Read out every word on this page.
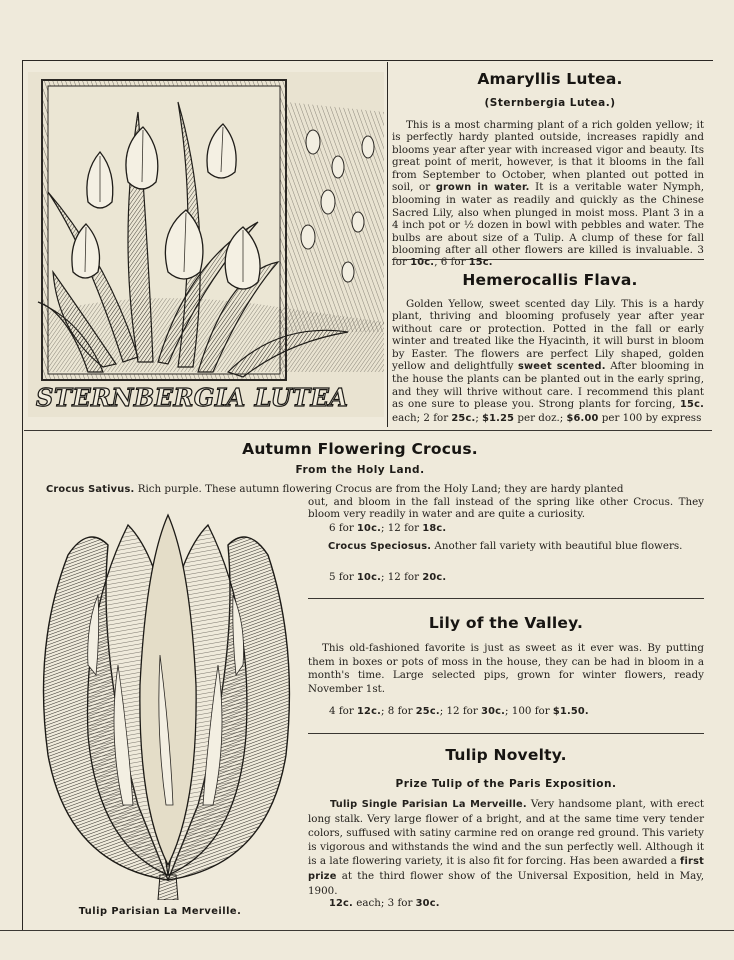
STERNBERGIA LUTEA
Amaryllis Lutea.
(Sternbergia Lutea.)
This is a most charming plant of a rich golden yellow; it is perfectly hardy planted outside, increases rapidly and blooms year after year with increased vigor and beauty. Its great point of merit, however, is that it blooms in the fall from September to October, when planted out potted in soil, or grown in water. It is a veritable water Nymph, blooming in water as readily and quickly as the Chinese Sacred Lily, also when plunged in moist moss. Plant 3 in a 4 inch pot or ½ dozen in bowl with pebbles and water. The bulbs are about size of a Tulip. A clump of these for fall blooming after all other flowers are killed is invaluable. 3 for 10c., 6 for 15c.
Hemerocallis Flava.
Golden Yellow, sweet scented day Lily. This is a hardy plant, thriving and blooming profusely year after year without care or protection. Potted in the fall or early winter and treated like the Hyacinth, it will burst in bloom by Easter. The flowers are perfect Lily shaped, golden yellow and delightfully sweet scented. After blooming in the house the plants can be planted out in the early spring, and they will thrive without care. I recommend this plant as one sure to please you. Strong plants for forcing, 15c. each; 2 for 25c.; $1.25 per doz.; $6.00 per 100 by express
Autumn Flowering Crocus.
From the Holy Land.
Crocus Sativus. Rich purple. These autumn flowering Crocus are from the Holy Land; they are hardy planted
out, and bloom in the fall instead of the spring like other Crocus. They bloom very readily in water and are quite a curiosity.
6 for 10c.; 12 for 18c.
Crocus Speciosus. Another fall variety with beautiful blue flowers.
5 for 10c.; 12 for 20c.
Tulip Parisian La Merveille.
Lily of the Valley.
This old-fashioned favorite is just as sweet as it ever was. By putting them in boxes or pots of moss in the house, they can be had in bloom in a month's time. Large selected pips, grown for winter flowers, ready November 1st.
4 for 12c.; 8 for 25c.; 12 for 30c.; 100 for $1.50.
Tulip Novelty.
Prize Tulip of the Paris Exposition.
Tulip Single Parisian La Merveille. Very handsome plant, with erect long stalk. Very large flower of a bright, and at the same time very tender colors, suffused with satiny carmine red on orange red ground. This variety is vigorous and withstands the wind and the sun perfectly well. Although it is a late flowering variety, it is also fit for forcing. Has been awarded a first prize at the third flower show of the Universal Exposition, held in May, 1900.
12c. each; 3 for 30c.
